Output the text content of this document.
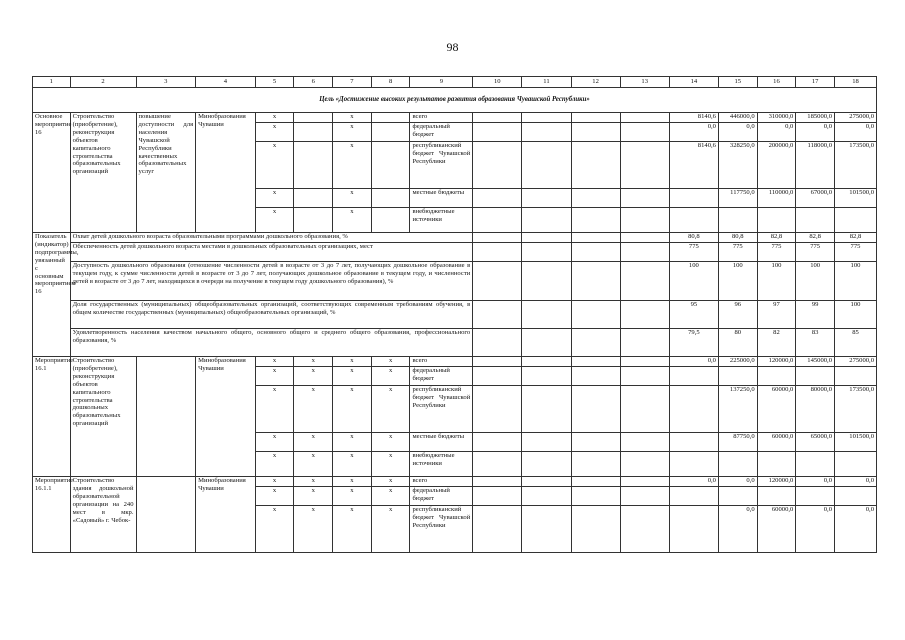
98
1	2	3	4	5	6	7	8	9	10	11	12	13	14	15	16	17	18
Цель «Достижение высоких результатов развития образования Чувашской Республики»																	
Основное мероприятие 16	Строительство (приобретение), реконструкция объектов капитального строительства образовательных организаций	повышение доступности для населения Чувашской Республики качественных образовательных услуг	Минобразования Чувашии	х		х		всего					8140,6	446000,0	310000,0	185000,0	275000,0
				х		х		федеральный бюджет					0,0	0,0	0,0	0,0	0,0
				х		х		республиканский бюджет Чувашской Республики					8140,6	328250,0	200000,0	118000,0	173500,0
				х		х		местные бюджеты						117750,0	110000,0	67000,0	101500,0
				х		х		внебюджетные источники									
Показатель (индикатор) подпрограммы, увязанный с основным мероприятием 16	Охват детей дошкольного возраста образовательными программами дошкольного образования, %												80,8	80,8	82,8	82,8	82,8
	Обеспеченность детей дошкольного возраста местами в дошкольных образовательных организациях, мест												775	775	775	775	775
	Доступность дошкольного образования (отношение численности детей в возрасте от 3 до 7 лет, получающих дошкольное образование в текущем году, к сумме численности детей в возрасте от 3 до 7 лет, получающих дошкольное образование в текущем году, и численности детей в возрасте от 3 до 7 лет, находящихся в очереди на получение в текущем году дошкольного образования), %												100	100	100	100	100
	Доля государственных (муниципальных) общеобразовательных организаций, соответствующих современным требованиям обучения, в общем количестве государственных (муниципальных) общеобразовательных организаций, %												95	96	97	99	100
	Удовлетворенность населения качеством начального общего, основного общего и среднего общего образования, профессионального образования, %												79,5	80	82	83	85
Мероприятие 16.1	Строительство (приобретение), реконструкция объектов капитального строительства дошкольных образовательных организаций		Минобразования Чувашии	х	х	х	х	всего					0,0	225000,0	120000,0	145000,0	275000,0
				х	х	х	х	федеральный бюджет									
				х	х	х	х	республиканский бюджет Чувашской Республики						137250,0	60000,0	80000,0	173500,0
				х	х	х	х	местные бюджеты						87750,0	60000,0	65000,0	101500,0
				х	х	х	х	внебюджетные источники									
Мероприятие 16.1.1	Строительство здания дошкольной образовательной организации на 240 мест в мкр. «Садовый» г. Чебок-		Минобразования Чувашии	х	х	х	х	всего					0,0	0,0	120000,0	0,0	0,0
				х	х	х	х	федеральный бюджет									
				х	х	х	х	республиканский бюджет Чувашской Республики						0,0	60000,0	0,0	0,0
